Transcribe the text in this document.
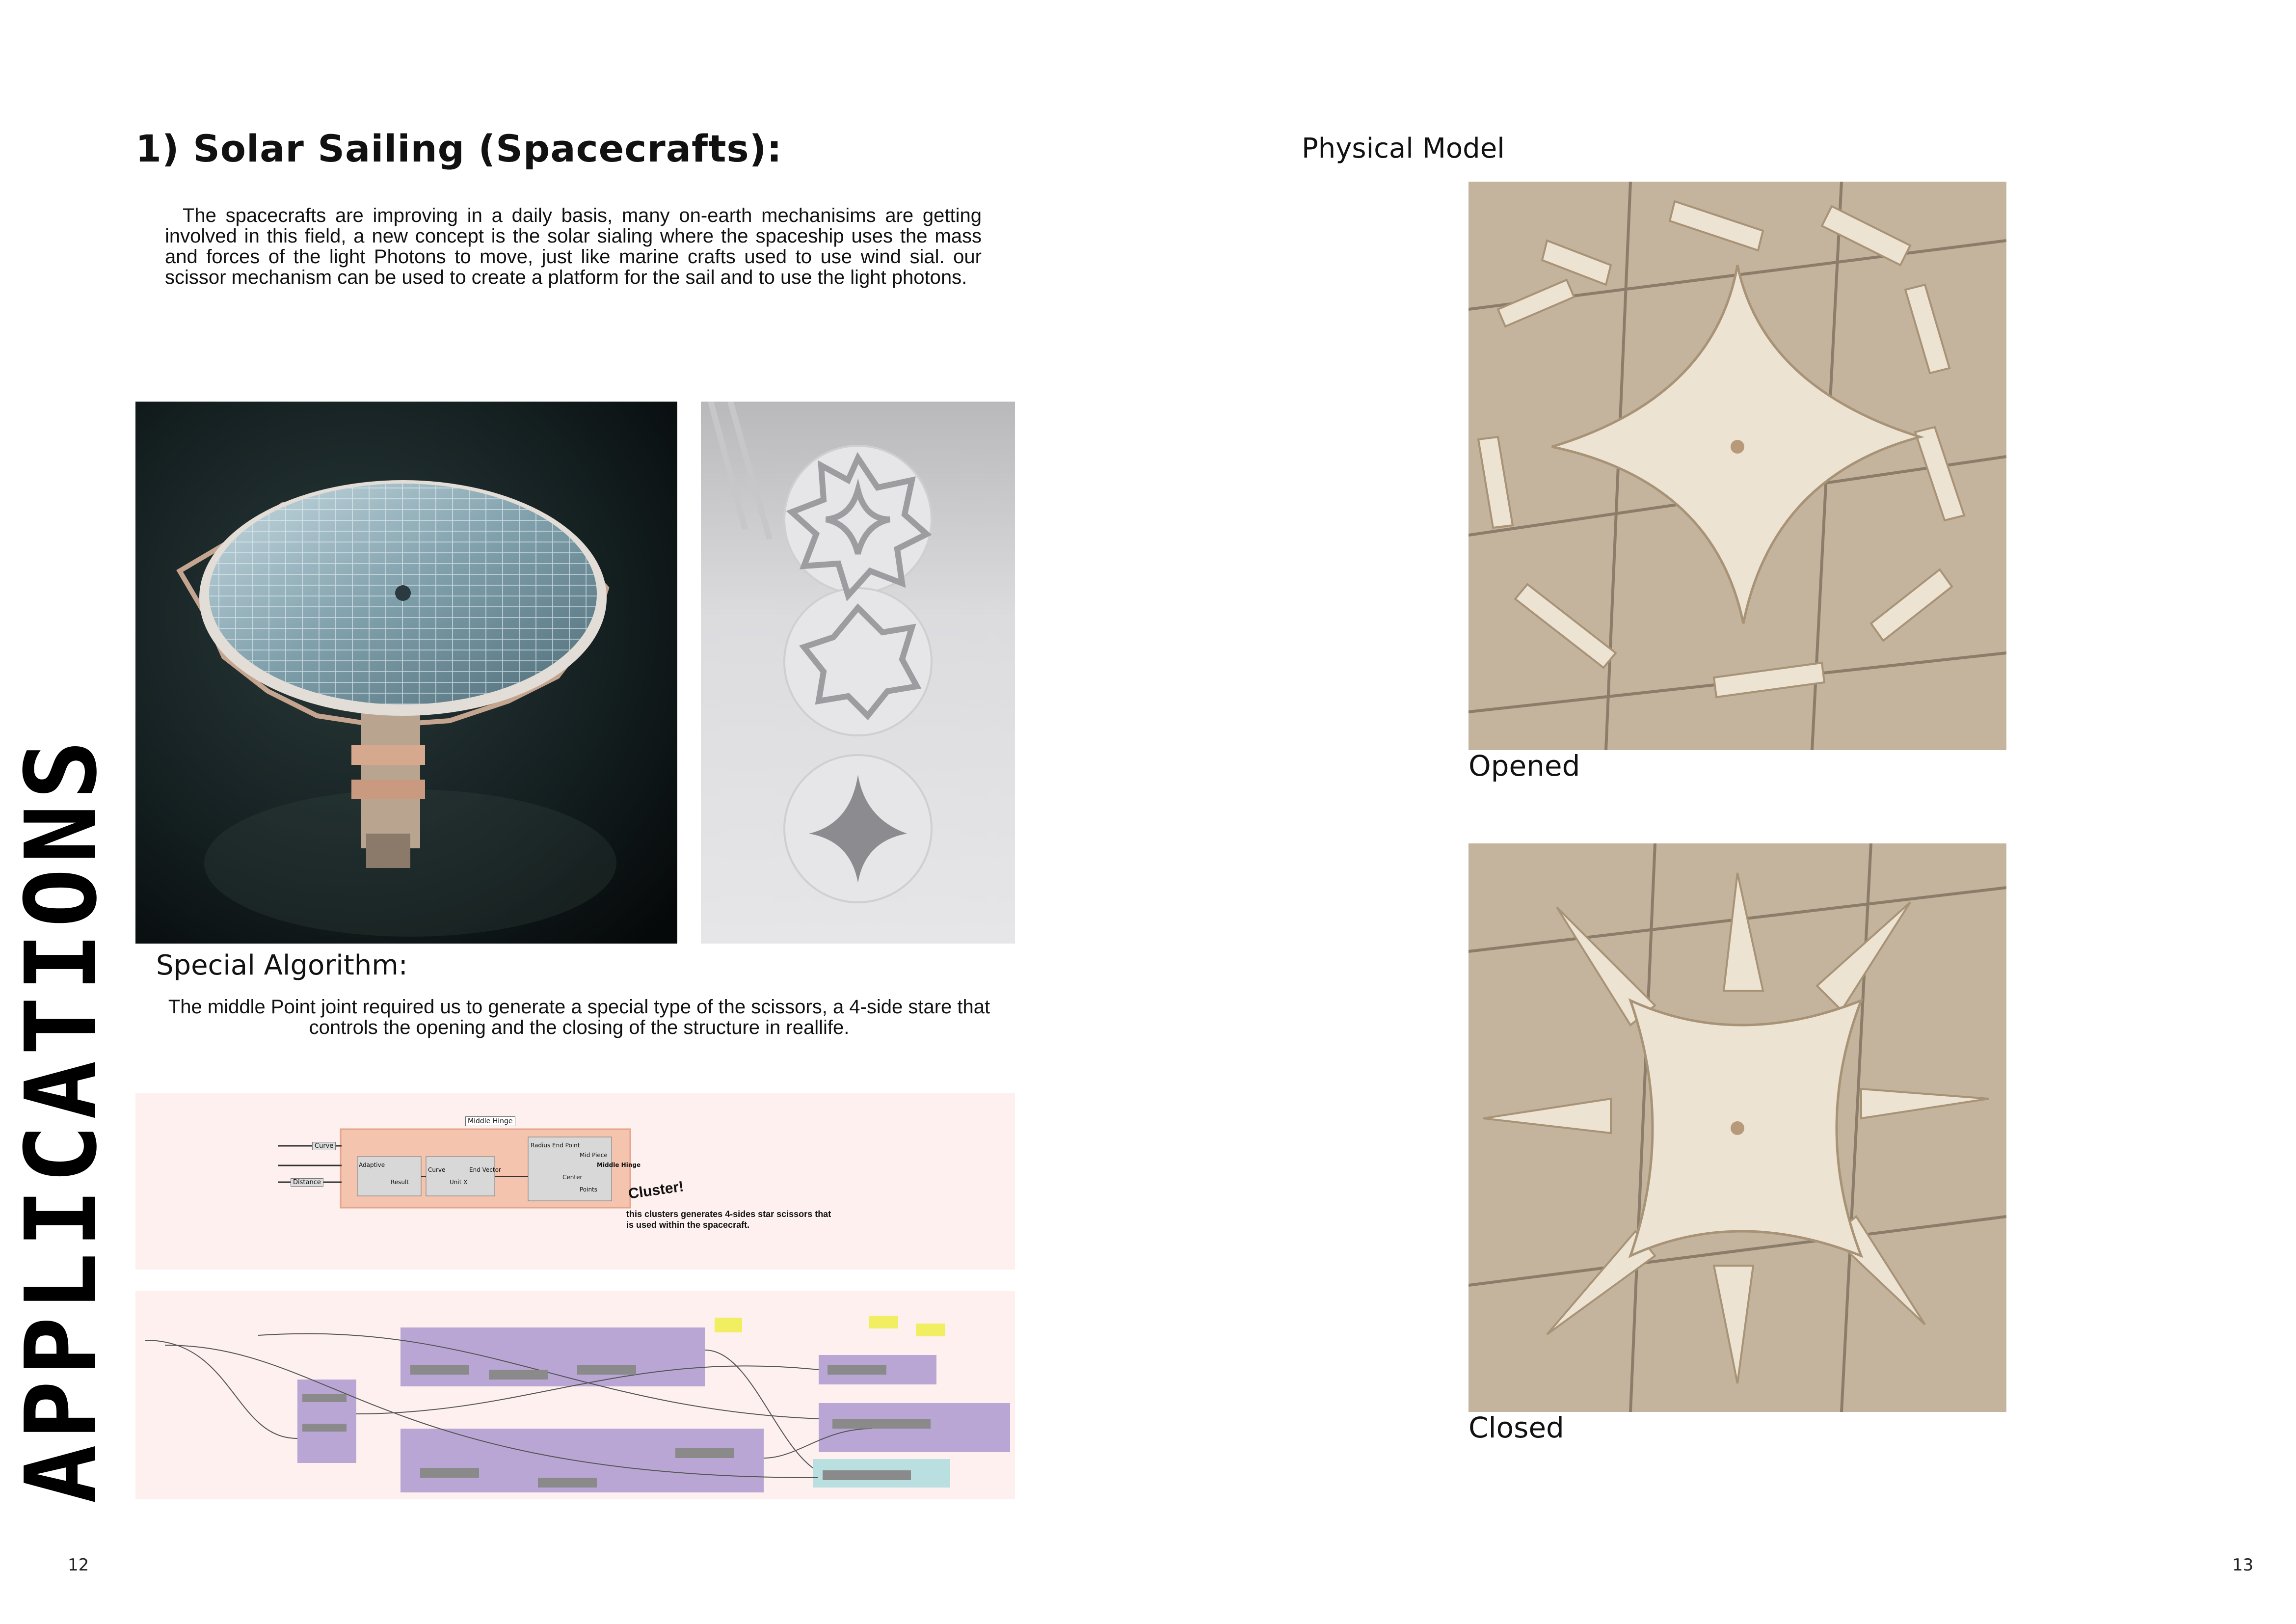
1) Solar Sailing (Spacecrafts):
The spacecrafts are improving in a daily basis, many on-earth mechanisims are getting involved in this field, a new concept is the solar sialing where the spaceship uses the mass and forces of the light Photons to move, just like marine crafts used to use wind sial. our scissor mechanism can be used to create a platform for the sail and to use the light photons.
Special Algorithm:
The middle Point joint required us to generate a special type of the scissors, a 4-side stare that controls the opening and the closing of the structure in reallife.
Middle Hinge
Curve
Distance
Adaptive
Result
Curve
Unit X
End Vector
Radius End Point
Mid Piece
Center
Points
Middle Hinge
Cluster!
this clusters generates 4-sides star scissors that is used within the spacecraft.
APPLICATIONS
12
Physical Model
Opened
Closed
13
